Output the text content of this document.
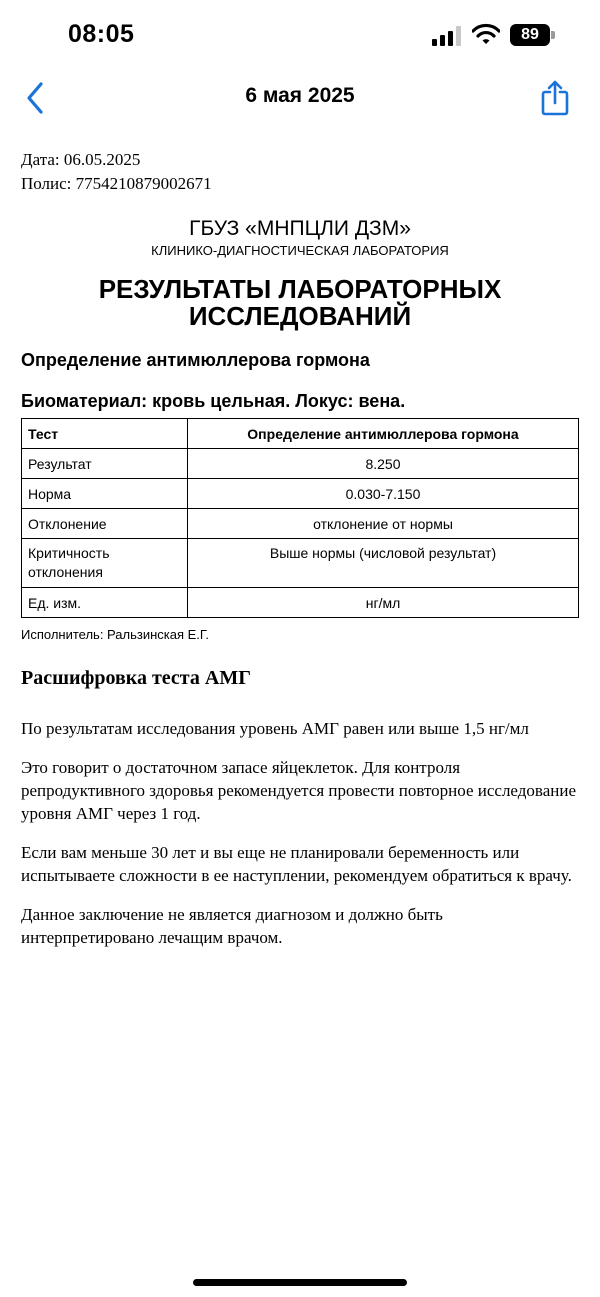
08:05	89
6 мая 2025
Дата: 06.05.2025
Полис: 7754210879002671
ГБУЗ «МНПЦЛИ ДЗМ»
КЛИНИКО-ДИАГНОСТИЧЕСКАЯ ЛАБОРАТОРИЯ
РЕЗУЛЬТАТЫ ЛАБОРАТОРНЫХ
ИССЛЕДОВАНИЙ
Определение антимюллерова гормона
Биоматериал: кровь цельная. Локус: вена.
Тест	Определение антимюллерова гормона
Результат	8.250
Норма	0.030-7.150
Отклонение	отклонение от нормы
Критичность отклонения	Выше нормы (числовой результат)
Ед. изм.	нг/мл
Исполнитель: Ральзинская Е.Г.
Расшифровка теста АМГ

По результатам исследования уровень АМГ равен или выше 1,5 нг/мл

Это говорит о достаточном запасе яйцеклеток. Для контроля репродуктивного здоровья рекомендуется провести повторное исследование уровня АМГ через 1 год.

Если вам меньше 30 лет и вы еще не планировали беременность или испытываете сложности в ее наступлении, рекомендуем обратиться к врачу.

Данное заключение не является диагнозом и должно быть интерпретировано лечащим врачом.
